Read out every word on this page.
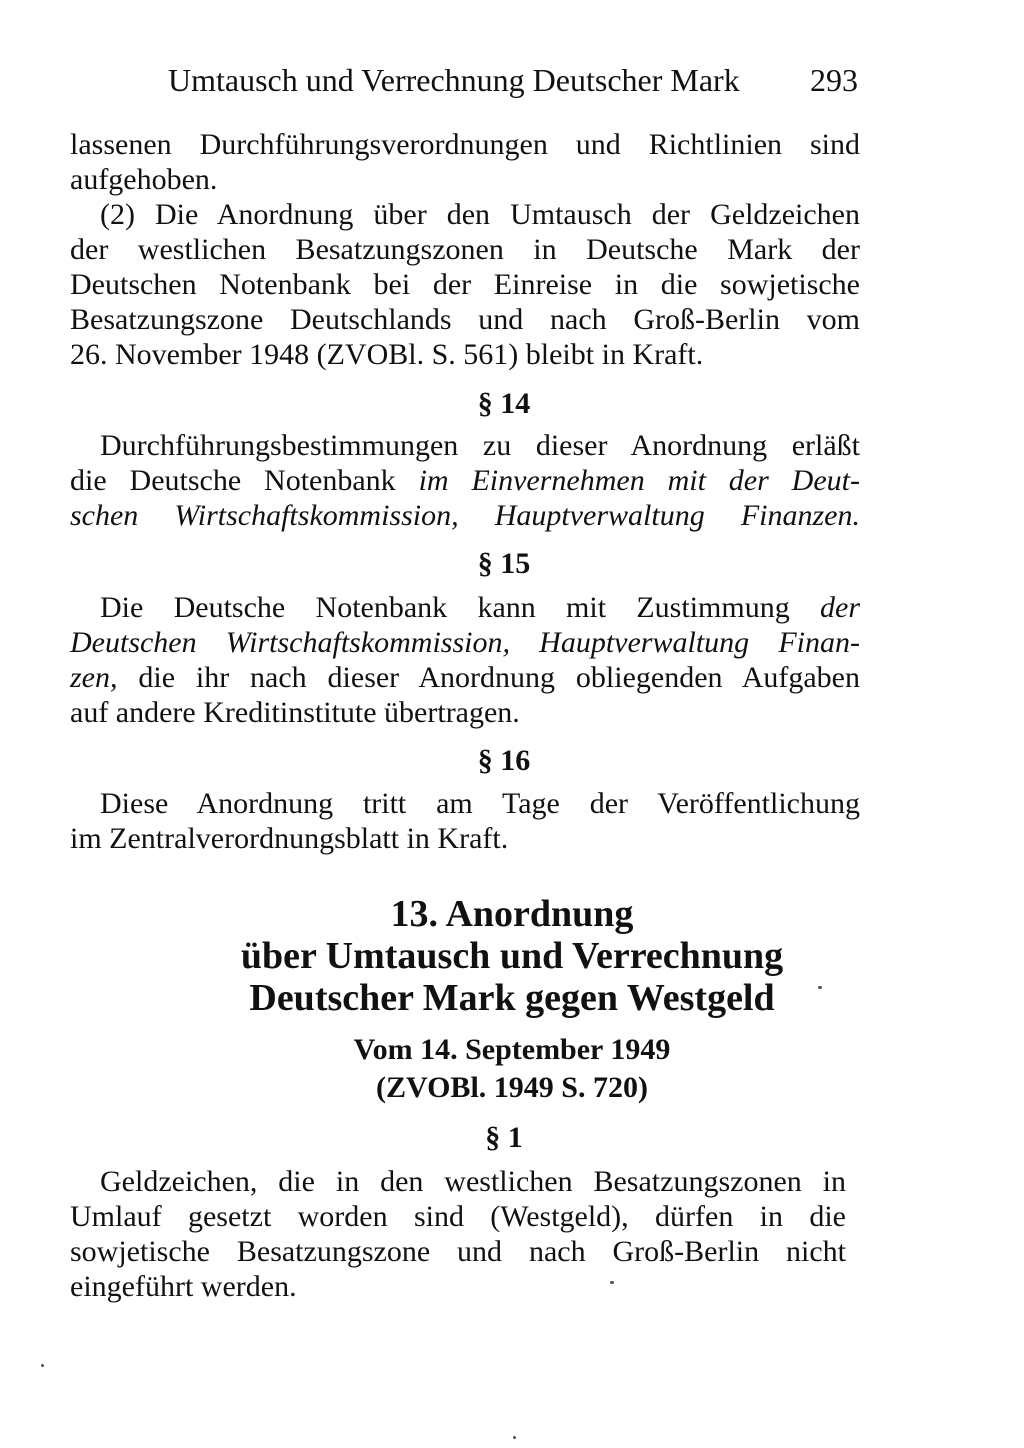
Umtausch und Verrechnung Deutscher Mark 293
lassenen Durchführungsverordnungen und Richtlinien sind
aufgehoben.
(2) Die Anordnung über den Umtausch der Geldzeichen
der westlichen Besatzungszonen in Deutsche Mark der
Deutschen Notenbank bei der Einreise in die sowjetische
Besatzungszone Deutschlands und nach Groß-Berlin vom
26. November 1948 (ZVOBl. S. 561) bleibt in Kraft.
§ 14
Durchführungsbestimmungen zu dieser Anordnung erläßt
die Deutsche Notenbank im Einvernehmen mit der Deut-
schen Wirtschaftskommission, Hauptverwaltung Finanzen.
§ 15
Die Deutsche Notenbank kann mit Zustimmung der
Deutschen Wirtschaftskommission, Hauptverwaltung Finan-
zen, die ihr nach dieser Anordnung obliegenden Aufgaben
auf andere Kreditinstitute übertragen.
§ 16
Diese Anordnung tritt am Tage der Veröffentlichung
im Zentralverordnungsblatt in Kraft.
13. Anordnung
über Umtausch und Verrechnung
Deutscher Mark gegen Westgeld
Vom 14. September 1949
(ZVOBl. 1949 S. 720)
§ 1
Geldzeichen, die in den westlichen Besatzungszonen in
Umlauf gesetzt worden sind (Westgeld), dürfen in die
sowjetische Besatzungszone und nach Groß-Berlin nicht
eingeführt werden.
